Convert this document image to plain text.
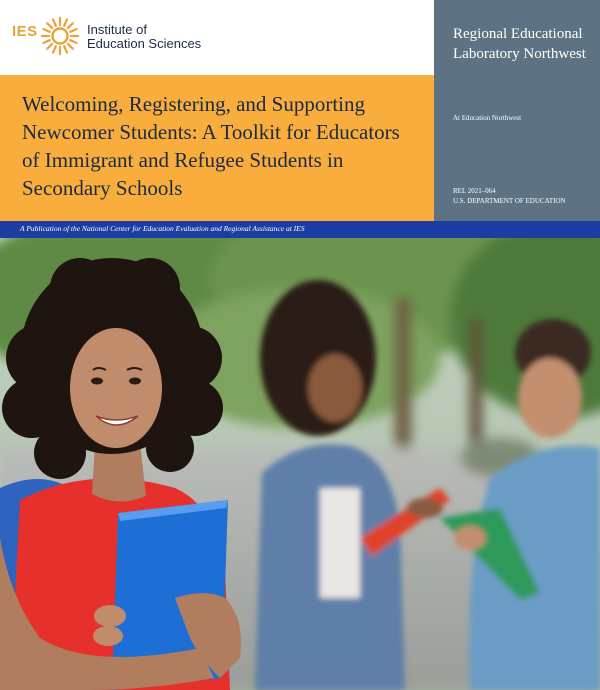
IES	Institute of
Education Sciences
Welcoming, Registering, and Supporting Newcomer Students: A Toolkit for Educators of Immigrant and Refugee Students in Secondary Schools
Regional Educational Laboratory Northwest
At Education Northwest
REL 2021–064
U.S. DEPARTMENT OF EDUCATION
A Publication of the National Center for Education Evaluation and Regional Assistance at IES
